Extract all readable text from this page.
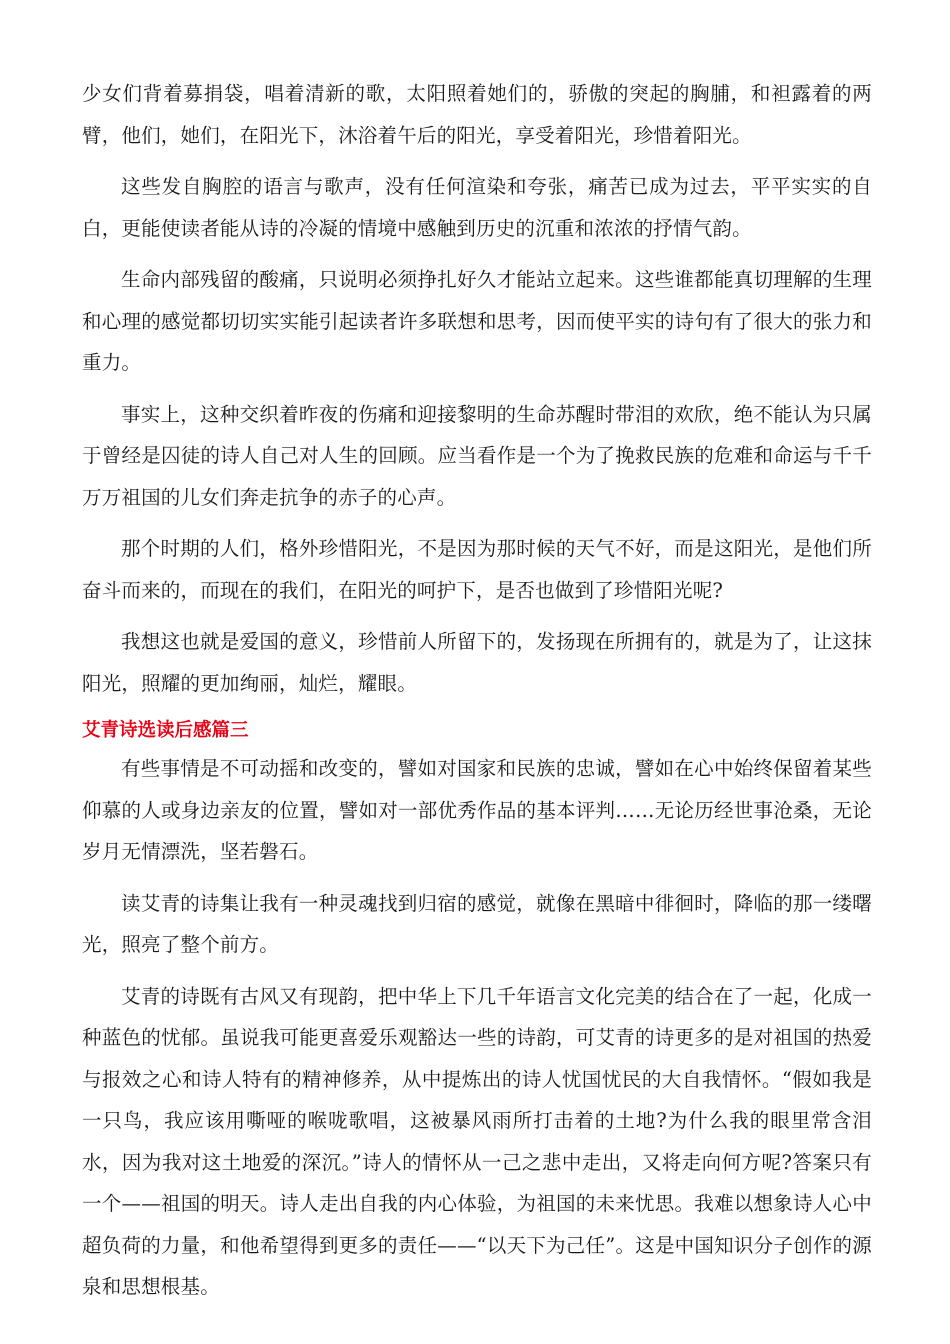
少女们背着募捐袋，唱着清新的歌，太阳照着她们的，骄傲的突起的胸脯，和袒露着的两臂，他们，她们，在阳光下，沐浴着午后的阳光，享受着阳光，珍惜着阳光。

这些发自胸腔的语言与歌声，没有任何渲染和夸张，痛苦已成为过去，平平实实的自白，更能使读者能从诗的冷凝的情境中感触到历史的沉重和浓浓的抒情气韵。

生命内部残留的酸痛，只说明必须挣扎好久才能站立起来。这些谁都能真切理解的生理和心理的感觉都切切实实能引起读者许多联想和思考，因而使平实的诗句有了很大的张力和重力。

事实上，这种交织着昨夜的伤痛和迎接黎明的生命苏醒时带泪的欢欣，绝不能认为只属于曾经是囚徒的诗人自己对人生的回顾。应当看作是一个为了挽救民族的危难和命运与千千万万祖国的儿女们奔走抗争的赤子的心声。

那个时期的人们，格外珍惜阳光，不是因为那时候的天气不好，而是这阳光，是他们所奋斗而来的，而现在的我们，在阳光的呵护下，是否也做到了珍惜阳光呢?

我想这也就是爱国的意义，珍惜前人所留下的，发扬现在所拥有的，就是为了，让这抹阳光，照耀的更加绚丽，灿烂，耀眼。

艾青诗选读后感篇三

有些事情是不可动摇和改变的，譬如对国家和民族的忠诚，譬如在心中始终保留着某些仰慕的人或身边亲友的位置，譬如对一部优秀作品的基本评判……无论历经世事沧桑，无论岁月无情漂洗，坚若磐石。

读艾青的诗集让我有一种灵魂找到归宿的感觉，就像在黑暗中徘徊时，降临的那一缕曙光，照亮了整个前方。

艾青的诗既有古风又有现韵，把中华上下几千年语言文化完美的结合在了一起，化成一种蓝色的忧郁。虽说我可能更喜爱乐观豁达一些的诗韵，可艾青的诗更多的是对祖国的热爱与报效之心和诗人特有的精神修养，从中提炼出的诗人忧国忧民的大自我情怀。“假如我是一只鸟，我应该用嘶哑的喉咙歌唱，这被暴风雨所打击着的土地?为什么我的眼里常含泪水，因为我对这土地爱的深沉。”诗人的情怀从一己之悲中走出，又将走向何方呢?答案只有一个——祖国的明天。诗人走出自我的内心体验，为祖国的未来忧思。我难以想象诗人心中超负荷的力量，和他希望得到更多的责任——“以天下为己任”。这是中国知识分子创作的源泉和思想根基。
